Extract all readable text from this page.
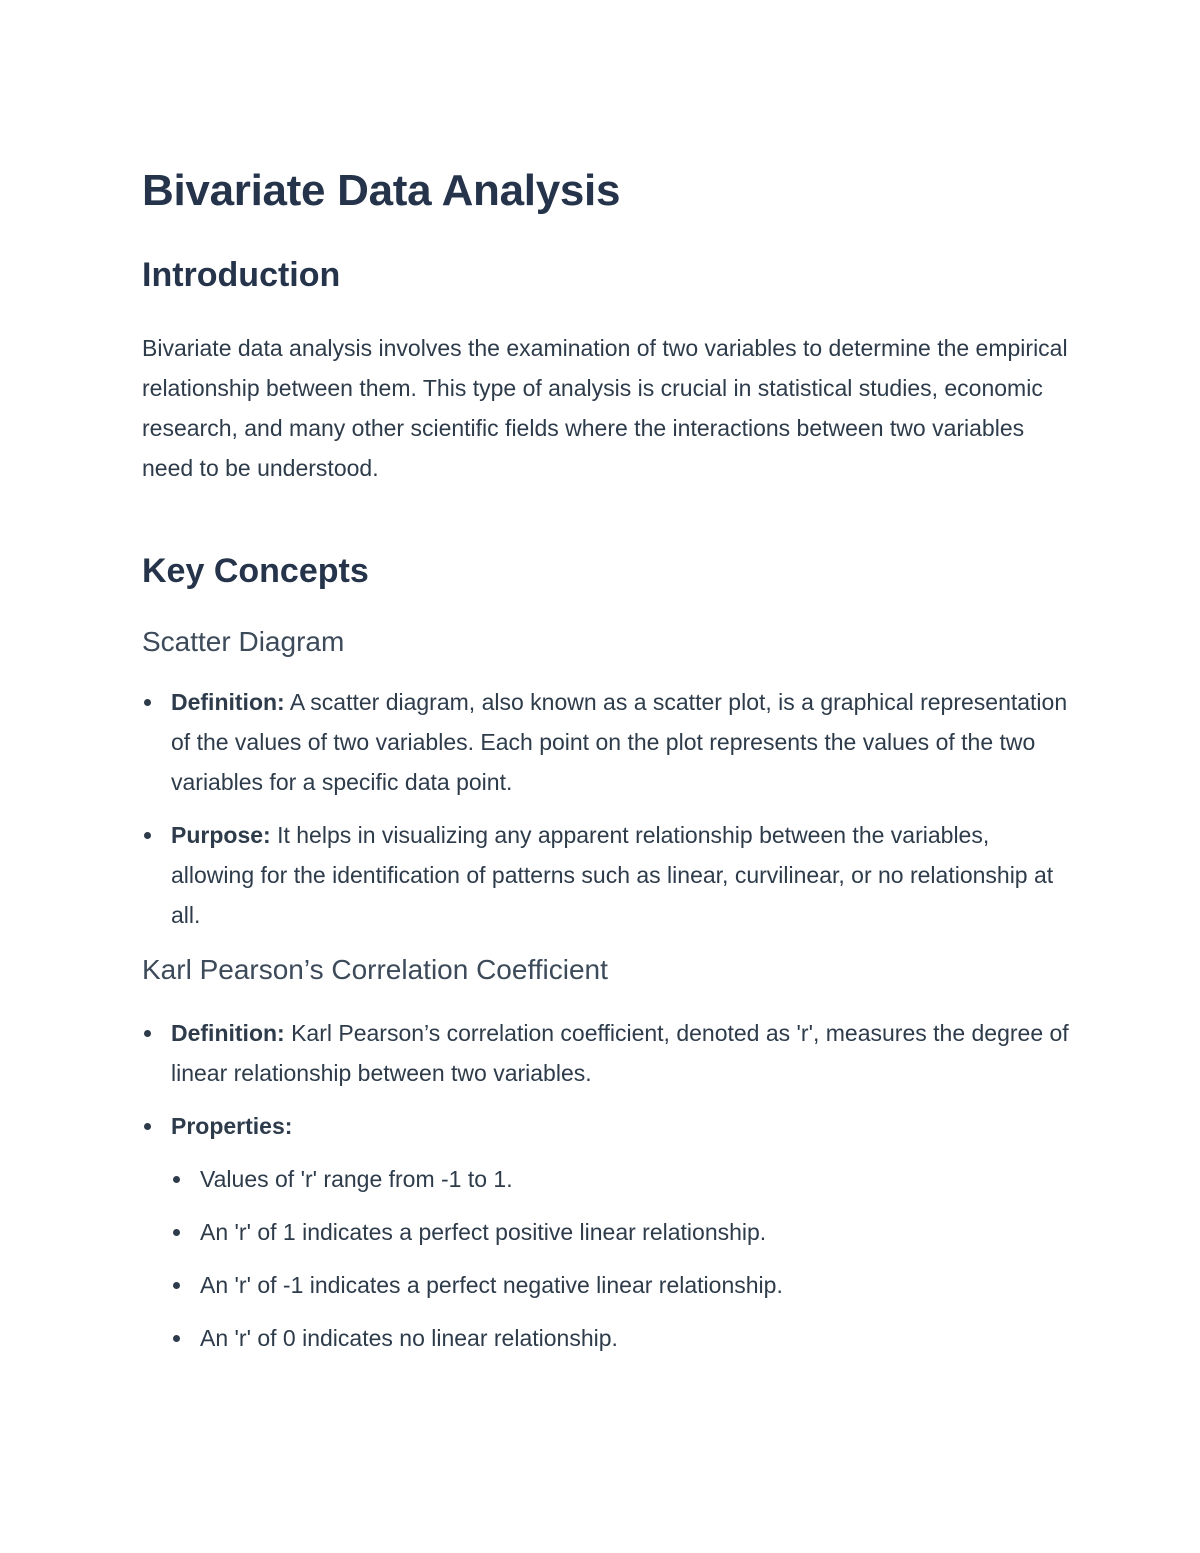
Bivariate Data Analysis
Introduction

Bivariate data analysis involves the examination of two variables to determine the empirical relationship between them. This type of analysis is crucial in statistical studies, economic research, and many other scientific fields where the interactions between two variables need to be understood.

Key Concepts
Scatter Diagram
Definition: A scatter diagram, also known as a scatter plot, is a graphical representation of the values of two variables. Each point on the plot represents the values of the two variables for a specific data point.
Purpose: It helps in visualizing any apparent relationship between the variables, allowing for the identification of patterns such as linear, curvilinear, or no relationship at all.
Karl Pearson’s Correlation Coefficient
Definition: Karl Pearson’s correlation coefficient, denoted as 'r', measures the degree of linear relationship between two variables.
Properties:
Values of 'r' range from -1 to 1.
An 'r' of 1 indicates a perfect positive linear relationship.
An 'r' of -1 indicates a perfect negative linear relationship.
An 'r' of 0 indicates no linear relationship.
